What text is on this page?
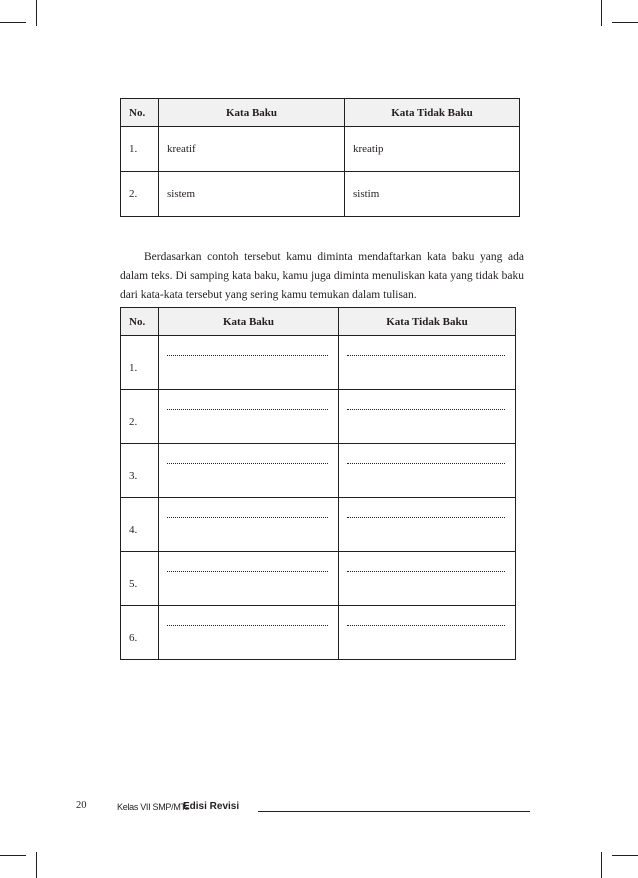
No.	Kata Baku	Kata Tidak Baku
1.	kreatif	kreatip
2.	sistem	sistim

Berdasarkan contoh tersebut kamu diminta mendaftarkan kata baku yang ada dalam teks. Di samping kata baku, kamu juga diminta menuliskan kata yang tidak baku dari kata-kata tersebut yang sering kamu temukan dalam tulisan.

No.	Kata Baku	Kata Tidak Baku
1.	

2.	

3.	

4.	

5.	

6.	

20	Kelas VII SMP/MTs
Edisi Revisi
